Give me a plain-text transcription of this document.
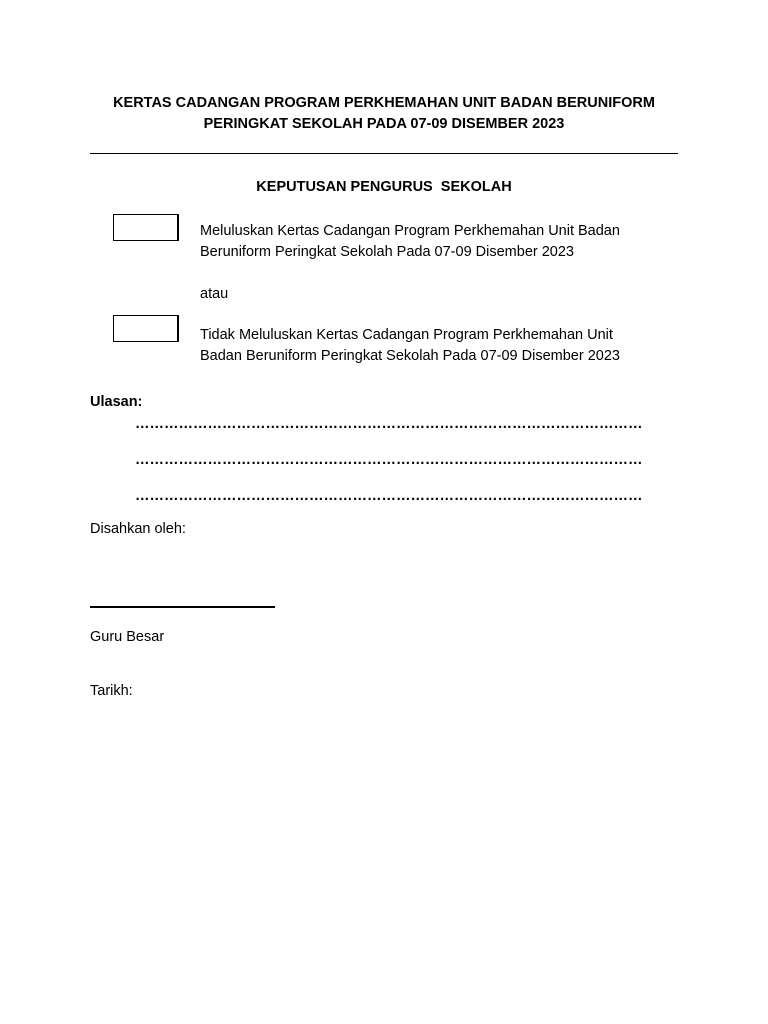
KERTAS CADANGAN PROGRAM PERKHEMAHAN UNIT BADAN BERUNIFORM
PERINGKAT SEKOLAH PADA 07-09 DISEMBER 2023
KEPUTUSAN PENGURUS  SEKOLAH
Meluluskan Kertas Cadangan Program Perkhemahan Unit Badan
Beruniform Peringkat Sekolah Pada 07-09 Disember 2023
atau
Tidak Meluluskan Kertas Cadangan Program Perkhemahan Unit
Badan Beruniform Peringkat Sekolah Pada 07-09 Disember 2023
Ulasan:
……………………………………………………………………………………………
……………………………………………………………………………………………
……………………………………………………………………………………………
Disahkan oleh:
Guru Besar
Tarikh:
